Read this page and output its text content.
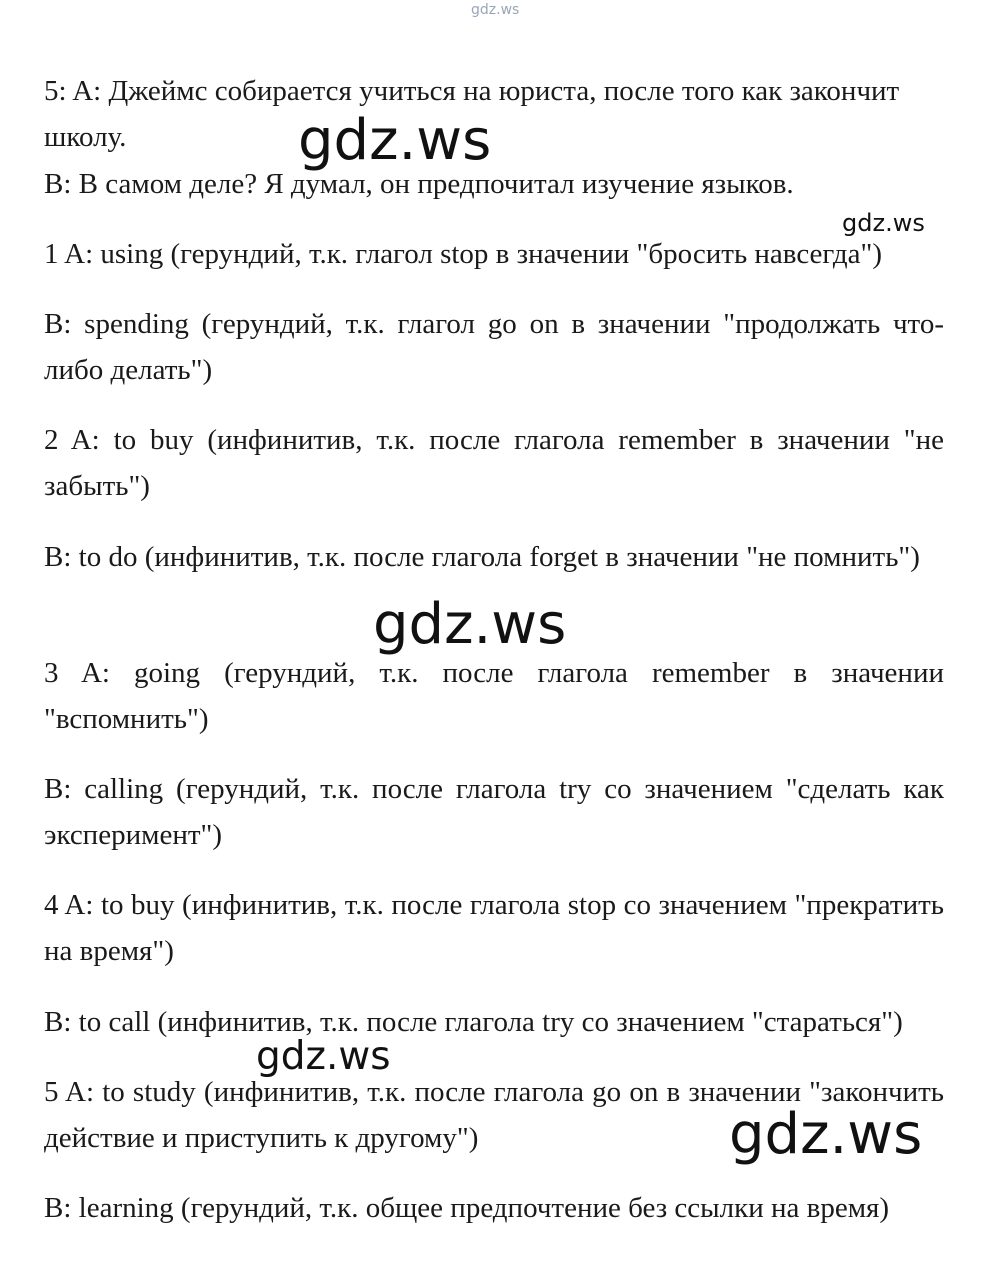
gdz.ws

5: A: Джеймс собирается учиться на юриста, после того как закончит школу.

B: В самом деле? Я думал, он предпочитал изучение языков.

1 A: using (герундий, т.к. глагол stop в значении "бросить навсегда")

B: spending (герундий, т.к. глагол go on в значении "продолжать что-либо делать")

2 A: to buy (инфинитив, т.к. после глагола remember в значении "не забыть")

B: to do (инфинитив, т.к. после глагола forget в значении "не помнить")

3 A: going (герундий, т.к. после глагола remember в значении "вспомнить")

B: calling (герундий, т.к. после глагола try со значением "сделать как эксперимент")

4 A: to buy (инфинитив, т.к. после глагола stop со значением "прекратить на время")

B: to call (инфинитив, т.к. после глагола try со значением "стараться")

5 A: to study (инфинитив, т.к. после глагола go on в значении "закончить действие и приступить к другому")

B: learning (герундий, т.к. общее предпочтение без ссылки на время)

gdz.ws
gdz.ws
gdz.ws
gdz.ws
gdz.ws
